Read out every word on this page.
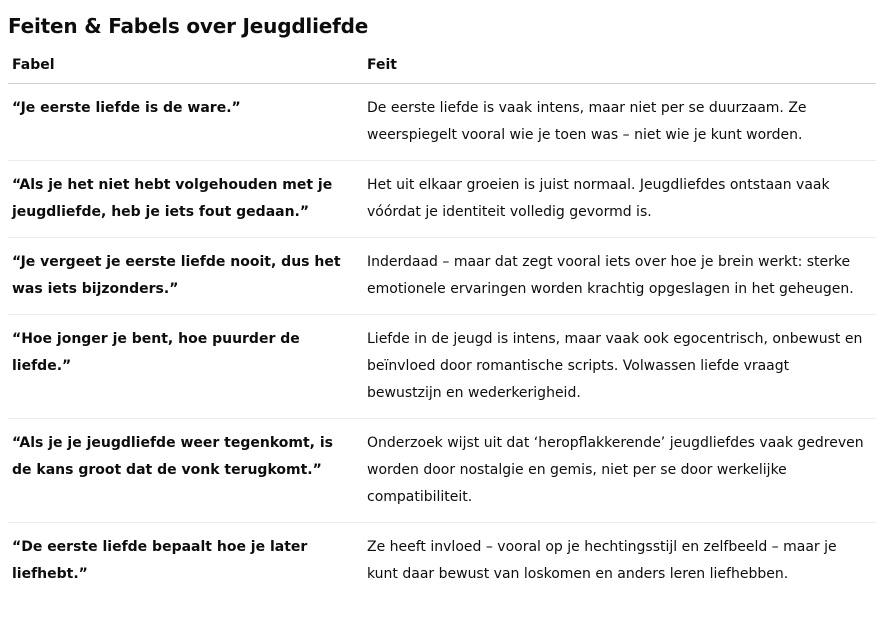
Feiten & Fabels over Jeugdliefde
Fabel	Feit
“Je eerste liefde is de ware.”	De eerste liefde is vaak intens, maar niet per se duurzaam. Ze weerspiegelt vooral wie je toen was – niet wie je kunt worden.
“Als je het niet hebt volgehouden met je jeugdliefde, heb je iets fout gedaan.”	Het uit elkaar groeien is juist normaal. Jeugdliefdes ontstaan vaak vóórdat je identiteit volledig gevormd is.
“Je vergeet je eerste liefde nooit, dus het was iets bijzonders.”	Inderdaad – maar dat zegt vooral iets over hoe je brein werkt: sterke emotionele ervaringen worden krachtig opgeslagen in het geheugen.
“Hoe jonger je bent, hoe puurder de liefde.”	Liefde in de jeugd is intens, maar vaak ook egocentrisch, onbewust en beïnvloed door romantische scripts. Volwassen liefde vraagt bewustzijn en wederkerigheid.
“Als je je jeugdliefde weer tegenkomt, is de kans groot dat de vonk terugkomt.”	Onderzoek wijst uit dat ‘heropflakkerende’ jeugdliefdes vaak gedreven worden door nostalgie en gemis, niet per se door werkelijke compatibiliteit.
“De eerste liefde bepaalt hoe je later liefhebt.”	Ze heeft invloed – vooral op je hechtingsstijl en zelfbeeld – maar je kunt daar bewust van loskomen en anders leren liefhebben.
